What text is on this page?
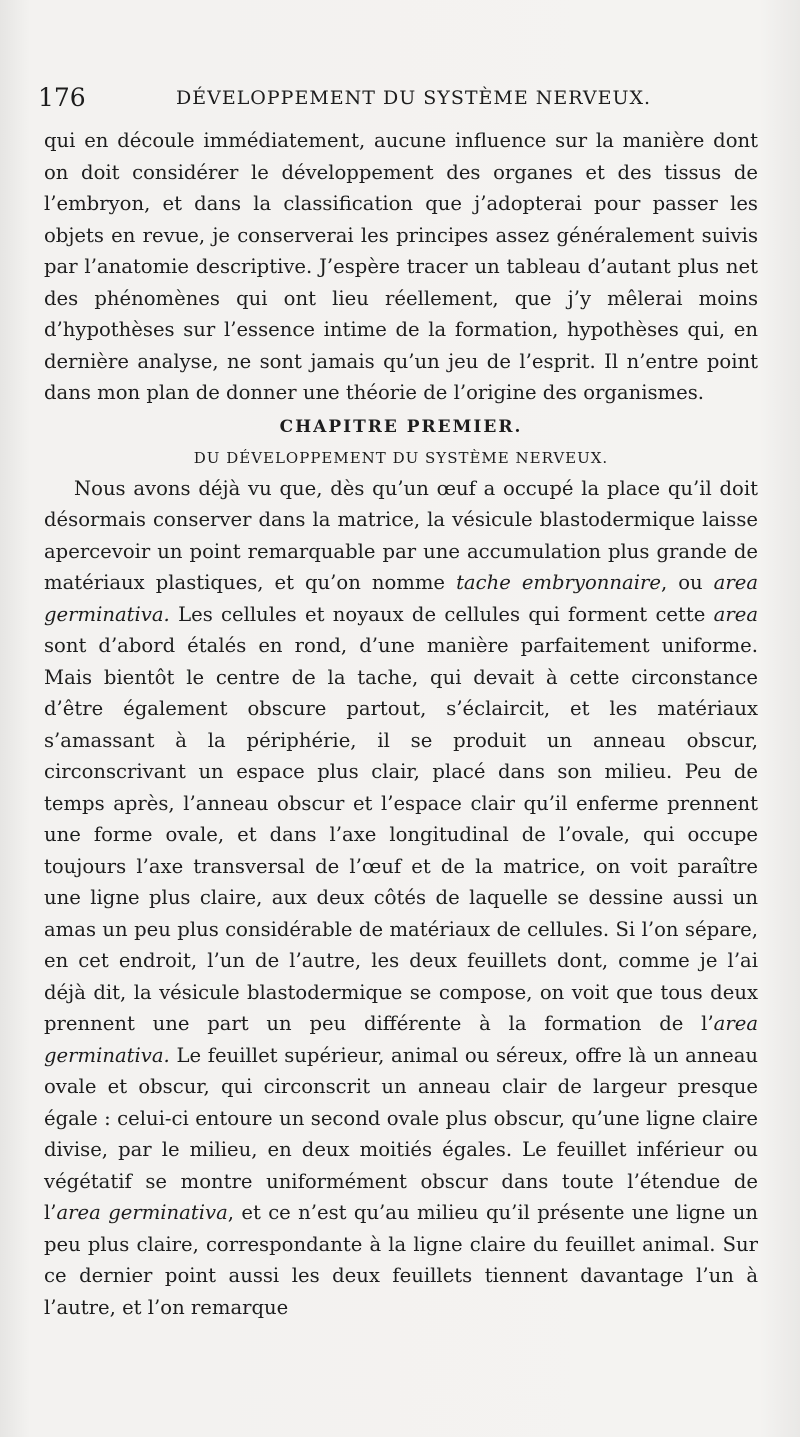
176	DÉVELOPPEMENT DU SYSTÈME NERVEUX.

qui en découle immédiatement, aucune influence sur la manière dont on doit considérer le développement des organes et des tissus de l’embryon, et dans la classification que j’adopterai pour passer les objets en revue, je conserverai les principes assez généralement suivis par l’anatomie descriptive. J’espère tracer un tableau d’autant plus net des phénomènes qui ont lieu réellement, que j’y mêlerai moins d’hypothèses sur l’essence intime de la formation, hypothèses qui, en dernière analyse, ne sont jamais qu’un jeu de l’esprit. Il n’entre point dans mon plan de donner une théorie de l’origine des organismes.

CHAPITRE PREMIER.

DU DÉVELOPPEMENT DU SYSTÈME NERVEUX.

Nous avons déjà vu que, dès qu’un œuf a occupé la place qu’il doit désormais conserver dans la matrice, la vésicule blastodermique laisse apercevoir un point remarquable par une accumulation plus grande de matériaux plastiques, et qu’on nomme tache embryonnaire, ou area germinativa. Les cellules et noyaux de cellules qui forment cette area sont d’abord étalés en rond, d’une manière parfaitement uniforme. Mais bientôt le centre de la tache, qui devait à cette circonstance d’être également obscure partout, s’éclaircit, et les matériaux s’amassant à la périphérie, il se produit un anneau obscur, circonscrivant un espace plus clair, placé dans son milieu. Peu de temps après, l’anneau obscur et l’espace clair qu’il enferme prennent une forme ovale, et dans l’axe longitudinal de l’ovale, qui occupe toujours l’axe transversal de l’œuf et de la matrice, on voit paraître une ligne plus claire, aux deux côtés de laquelle se dessine aussi un amas un peu plus considérable de matériaux de cellules. Si l’on sépare, en cet endroit, l’un de l’autre, les deux feuillets dont, comme je l’ai déjà dit, la vésicule blastodermique se compose, on voit que tous deux prennent une part un peu différente à la formation de l’area germinativa. Le feuillet supérieur, animal ou séreux, offre là un anneau ovale et obscur, qui circonscrit un anneau clair de largeur presque égale : celui-ci entoure un second ovale plus obscur, qu’une ligne claire divise, par le milieu, en deux moitiés égales. Le feuillet inférieur ou végétatif se montre uniformément obscur dans toute l’étendue de l’area germinativa, et ce n’est qu’au milieu qu’il présente une ligne un peu plus claire, correspondante à la ligne claire du feuillet animal. Sur ce dernier point aussi les deux feuillets tiennent davantage l’un à l’autre, et l’on remarque
